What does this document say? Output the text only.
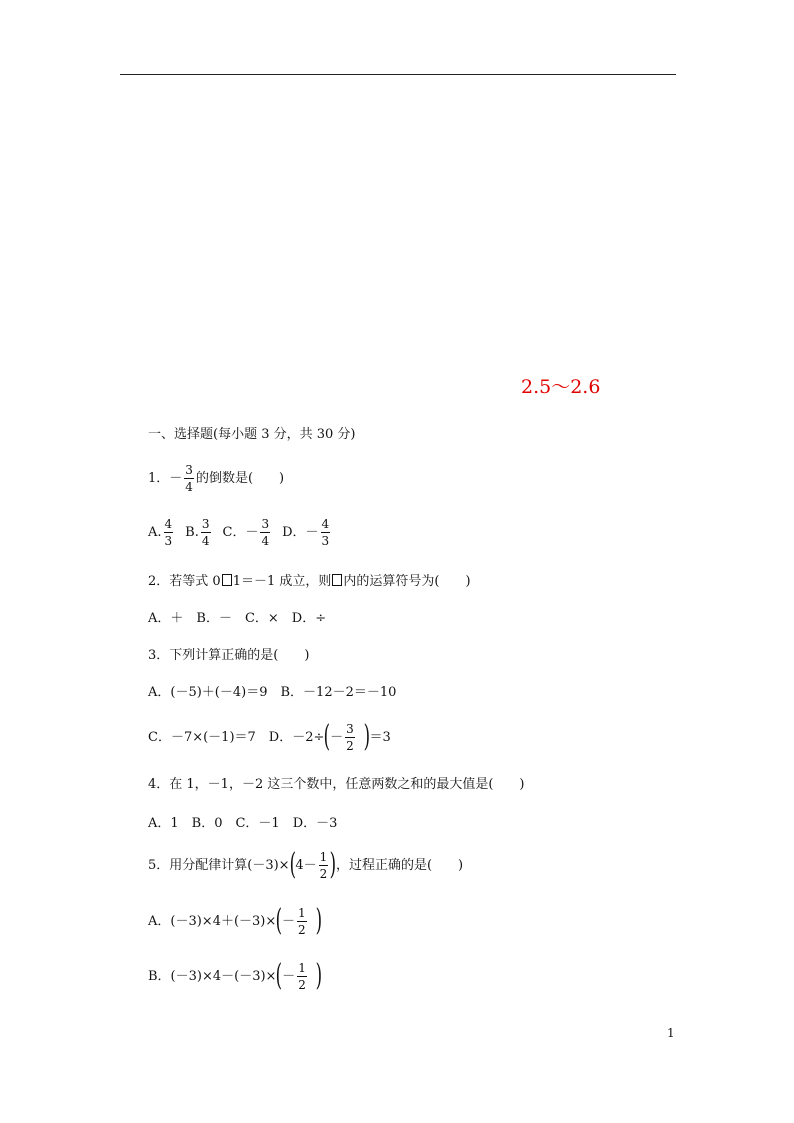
2.5～2.6
一、选择题(每小题 3 分，共 30 分)
1． － $\frac{3}{4}$ 的倒数是(　　)
A. $\frac{4}{3} B$. $\frac{3}{4}$ C．－ $\frac{3}{4}$ D．－ $\frac{4}{3}$
2．若等式 0 1＝－1 成立，则 内的运算符号为(　　)
A．＋　B．－　C．×　D．÷
3．下列计算正确的是(　　)
A．(－5)＋(－4)＝9　B．－12－2＝－10
C．－7×(－1)＝7　D．－2÷ ( － $\frac{3}{2}$ ) ＝3
4．在 1，－1，－2 这三个数中，任意两数之和的最大值是(　　)
A．1　B．0　C．－1　D．－3
5．用分配律计算(－3)× ( $4- \frac{1}{2}$ ) ，过程正确的是(　　)
A．(－3)×4＋(－3)× ( － $\frac{1}{2}$ )
B．(－3)×4－(－3)× ( － $\frac{1}{2}$ )
1
